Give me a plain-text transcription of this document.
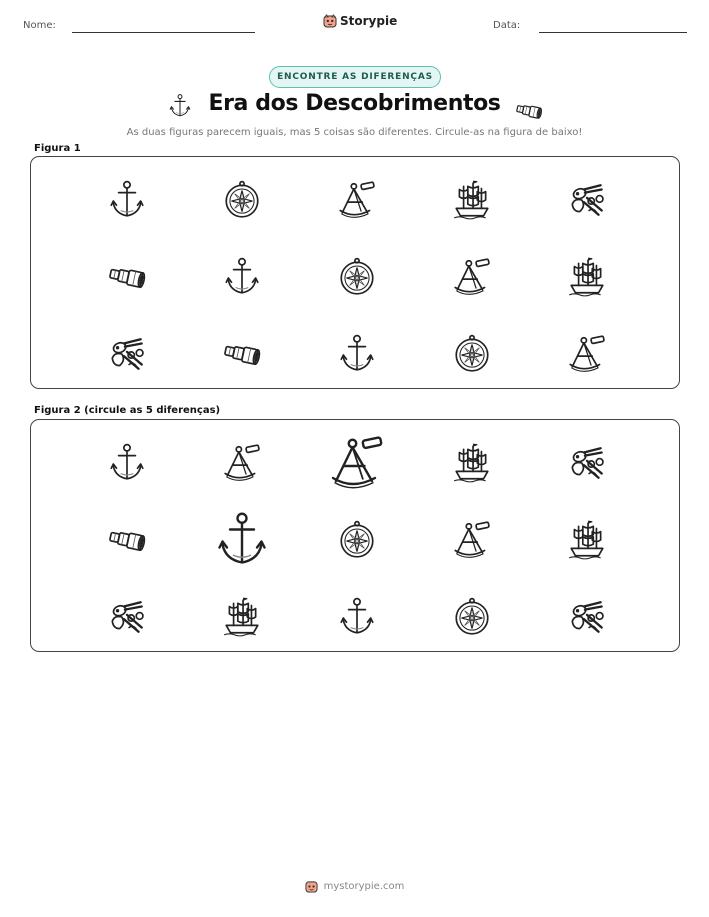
Nome:	Storypie	Data:
ENCONTRE AS DIFERENÇAS
Era dos Descobrimentos
As duas figuras parecem iguais, mas 5 coisas são diferentes. Circule-as na figura de baixo!
Figura 1
Figura 2 (circule as 5 diferenças)
mystorypie.com
